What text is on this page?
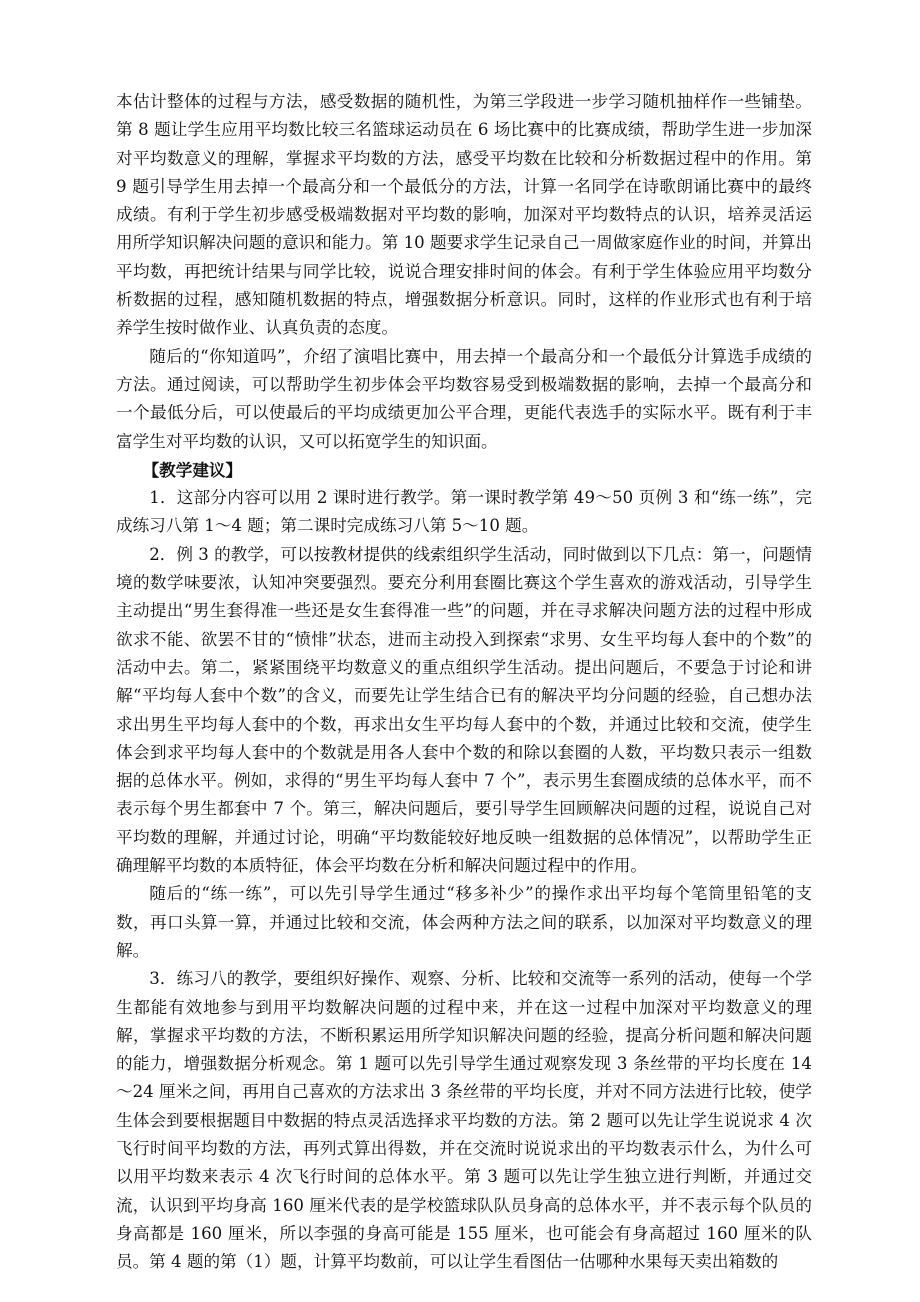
本估计整体的过程与方法，感受数据的随机性，为第三学段进一步学习随机抽样作一些铺垫。第 8 题让学生应用平均数比较三名篮球运动员在 6 场比赛中的比赛成绩，帮助学生进一步加深对平均数意义的理解，掌握求平均数的方法，感受平均数在比较和分析数据过程中的作用。第 9 题引导学生用去掉一个最高分和一个最低分的方法，计算一名同学在诗歌朗诵比赛中的最终成绩。有利于学生初步感受极端数据对平均数的影响，加深对平均数特点的认识，培养灵活运用所学知识解决问题的意识和能力。第 10 题要求学生记录自己一周做家庭作业的时间，并算出平均数，再把统计结果与同学比较，说说合理安排时间的体会。有利于学生体验应用平均数分析数据的过程，感知随机数据的特点，增强数据分析意识。同时，这样的作业形式也有利于培养学生按时做作业、认真负责的态度。

随后的“你知道吗”，介绍了演唱比赛中，用去掉一个最高分和一个最低分计算选手成绩的方法。通过阅读，可以帮助学生初步体会平均数容易受到极端数据的影响，去掉一个最高分和一个最低分后，可以使最后的平均成绩更加公平合理，更能代表选手的实际水平。既有利于丰富学生对平均数的认识，又可以拓宽学生的知识面。

【教学建议】

1．这部分内容可以用 2 课时进行教学。第一课时教学第 49～50 页例 3 和“练一练”，完成练习八第 1～4 题；第二课时完成练习八第 5～10 题。

2．例 3 的教学，可以按教材提供的线索组织学生活动，同时做到以下几点：第一，问题情境的数学味要浓，认知冲突要强烈。要充分利用套圈比赛这个学生喜欢的游戏活动，引导学生主动提出“男生套得准一些还是女生套得准一些”的问题，并在寻求解决问题方法的过程中形成欲求不能、欲罢不甘的“愤悱”状态，进而主动投入到探索“求男、女生平均每人套中的个数”的活动中去。第二，紧紧围绕平均数意义的重点组织学生活动。提出问题后，不要急于讨论和讲解“平均每人套中个数”的含义，而要先让学生结合已有的解决平均分问题的经验，自己想办法求出男生平均每人套中的个数，再求出女生平均每人套中的个数，并通过比较和交流，使学生体会到求平均每人套中的个数就是用各人套中个数的和除以套圈的人数，平均数只表示一组数据的总体水平。例如，求得的“男生平均每人套中 7 个”，表示男生套圈成绩的总体水平，而不表示每个男生都套中 7 个。第三，解决问题后，要引导学生回顾解决问题的过程，说说自己对平均数的理解，并通过讨论，明确“平均数能较好地反映一组数据的总体情况”，以帮助学生正确理解平均数的本质特征，体会平均数在分析和解决问题过程中的作用。

随后的“练一练”，可以先引导学生通过“移多补少”的操作求出平均每个笔筒里铅笔的支数，再口头算一算，并通过比较和交流，体会两种方法之间的联系，以加深对平均数意义的理解。

3．练习八的教学，要组织好操作、观察、分析、比较和交流等一系列的活动，使每一个学生都能有效地参与到用平均数解决问题的过程中来，并在这一过程中加深对平均数意义的理解，掌握求平均数的方法，不断积累运用所学知识解决问题的经验，提高分析问题和解决问题的能力，增强数据分析观念。第 1 题可以先引导学生通过观察发现 3 条丝带的平均长度在 14～24 厘米之间，再用自己喜欢的方法求出 3 条丝带的平均长度，并对不同方法进行比较，使学生体会到要根据题目中数据的特点灵活选择求平均数的方法。第 2 题可以先让学生说说求 4 次飞行时间平均数的方法，再列式算出得数，并在交流时说说求出的平均数表示什么，为什么可以用平均数来表示 4 次飞行时间的总体水平。第 3 题可以先让学生独立进行判断，并通过交流，认识到平均身高 160 厘米代表的是学校篮球队队员身高的总体水平，并不表示每个队员的身高都是 160 厘米，所以李强的身高可能是 155 厘米，也可能会有身高超过 160 厘米的队员。第 4 题的第（1）题，计算平均数前，可以让学生看图估一估哪种水果每天卖出箱数的
